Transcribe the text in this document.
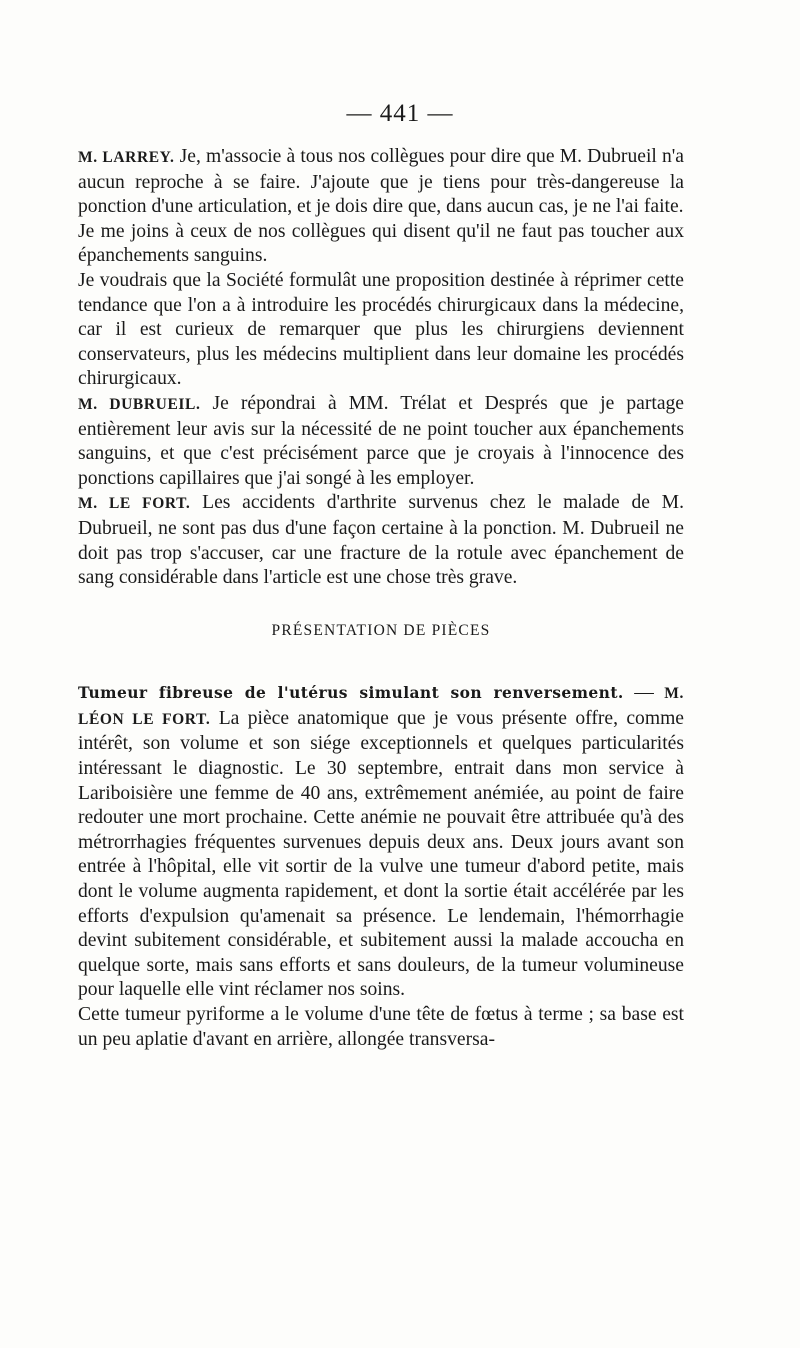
— 441 —

M. LARREY. Je, m'associe à tous nos collègues pour dire que M. Dubrueil n'a aucun reproche à se faire. J'ajoute que je tiens pour très-dangereuse la ponction d'une articulation, et je dois dire que, dans aucun cas, je ne l'ai faite.

Je me joins à ceux de nos collègues qui disent qu'il ne faut pas toucher aux épanchements sanguins.

Je voudrais que la Société formulât une proposition destinée à réprimer cette tendance que l'on a à introduire les procédés chirurgicaux dans la médecine, car il est curieux de remarquer que plus les chirurgiens deviennent conservateurs, plus les médecins multiplient dans leur domaine les procédés chirurgicaux.

M. DUBRUEIL. Je répondrai à MM. Trélat et Després que je partage entièrement leur avis sur la nécessité de ne point toucher aux épanchements sanguins, et que c'est précisément parce que je croyais à l'innocence des ponctions capillaires que j'ai songé à les employer.

M. LE FORT. Les accidents d'arthrite survenus chez le malade de M. Dubrueil, ne sont pas dus d'une façon certaine à la ponction. M. Dubrueil ne doit pas trop s'accuser, car une fracture de la rotule avec épanchement de sang considérable dans l'article est une chose très grave.

PRÉSENTATION DE PIÈCES

Tumeur fibreuse de l'utérus simulant son renversement. — M. LÉON LE FORT. La pièce anatomique que je vous présente offre, comme intérêt, son volume et son siége exceptionnels et quelques particularités intéressant le diagnostic. Le 30 septembre, entrait dans mon service à Lariboisière une femme de 40 ans, extrêmement anémiée, au point de faire redouter une mort prochaine. Cette anémie ne pouvait être attribuée qu'à des métrorrhagies fréquentes survenues depuis deux ans. Deux jours avant son entrée à l'hôpital, elle vit sortir de la vulve une tumeur d'abord petite, mais dont le volume augmenta rapidement, et dont la sortie était accélérée par les efforts d'expulsion qu'amenait sa présence. Le lendemain, l'hémorrhagie devint subitement considérable, et subitement aussi la malade accoucha en quelque sorte, mais sans efforts et sans douleurs, de la tumeur volumineuse pour laquelle elle vint réclamer nos soins.

Cette tumeur pyriforme a le volume d'une tête de fœtus à terme ; sa base est un peu aplatie d'avant en arrière, allongée transversa-
